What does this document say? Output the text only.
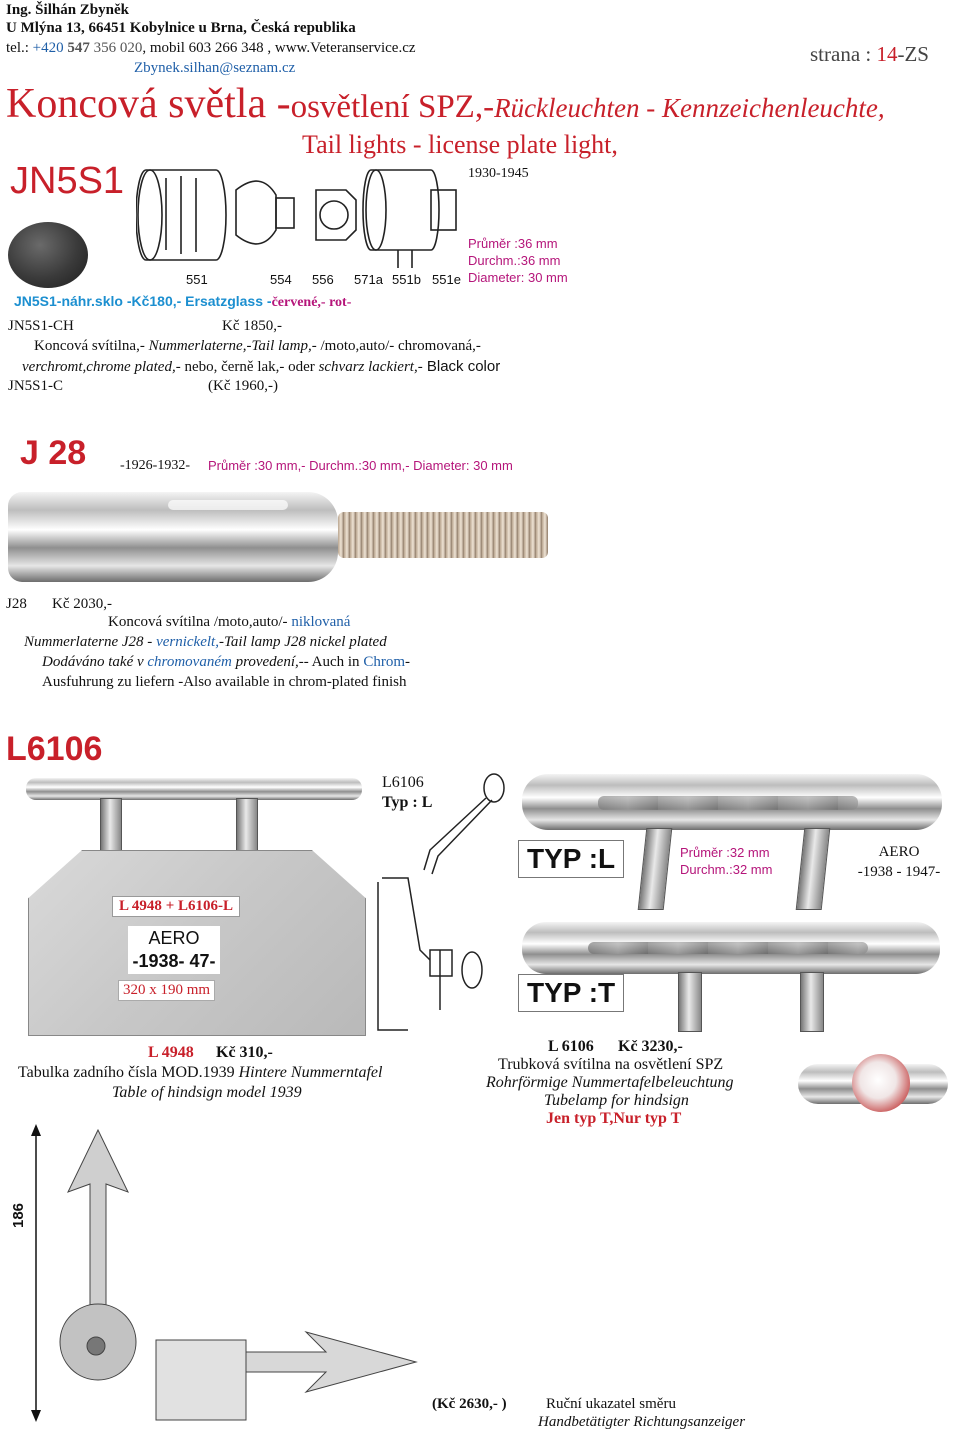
Ing. Šilhán Zbyněk
U Mlýna 13, 66451 Kobylnice u Brna, Česká republika
tel.: +420 547 356 020, mobil 603 266 348 , www.Veteranservice.cz
Zbynek.silhan@seznam.cz
strana : 14-ZS
Koncová světla -osvětlení SPZ,-Rückleuchten - Kennzeichenleuchte,
Tail lights - license plate light,
JN5S1	1930-1945
551	554 556 571a 551b 551e
Průměr :36 mm
Durchm.:36 mm
Diameter: 30 mm
JN5S1-náhr.sklo -Kč180,- Ersatzglass -červené,- rot-
JN5S1-CH	Kč 1850,-
Koncová svítilna,- Nummerlaterne,-Tail lamp,- /moto,auto/- chromovaná,-
verchromt,chrome plated,- nebo, černě lak,- oder schvarz lackiert,- Black color
JN5S1-C	(Kč 1960,-)
J 28 -1926-1932- Průměr :30 mm,- Durchm.:30 mm,- Diameter: 30 mm
J28 Kč 2030,-
Koncová svítilna /moto,auto/- niklovaná
Nummerlaterne J28 - vernickelt,-Tail lamp J28 nickel plated
Dodáváno také v chromovaném provedení,-- Auch in Chrom-
Ausfuhrung zu liefern -Also available in chrom-plated finish
L6106
L 4948 + L6106-L
AERO
-1938- 47-
320 x 190 mm
L6106
Typ : L
TYP :L	Průměr :32 mm
Durchm.:32 mm
AERO
-1938 - 1947-
TYP :T
L 4948 Kč 310,-
Tabulka zadního čísla MOD.1939 Hintere Nummerntafel
Table of hindsign model 1939
L 6106 Kč 3230,-
Trubková svítilna na osvětlení SPZ
Rohrförmige Nummertafelbeleuchtung
Tubelamp for hindsign
Jen typ T,Nur typ T
186
(Kč 2630,- )	Ruční ukazatel směru
Handbetätigter Richtungsanzeiger
